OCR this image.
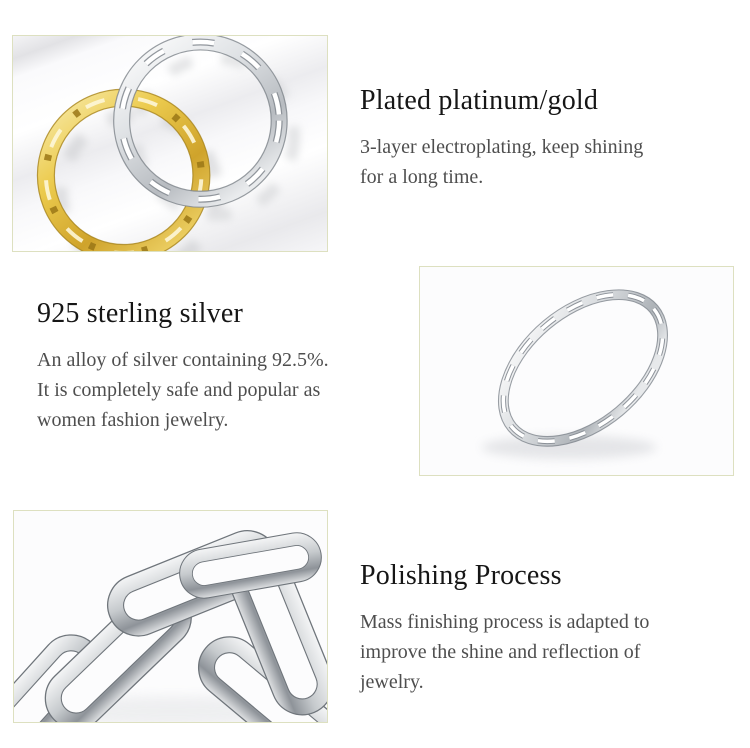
Plated platinum/gold
3-layer electroplating, keep shining
for a long time.
925 sterling silver
An alloy of silver containing 92.5%.
It is completely safe and popular as
women fashion jewelry.
Polishing Process
Mass finishing process is adapted to
improve the shine and reflection of
jewelry.
